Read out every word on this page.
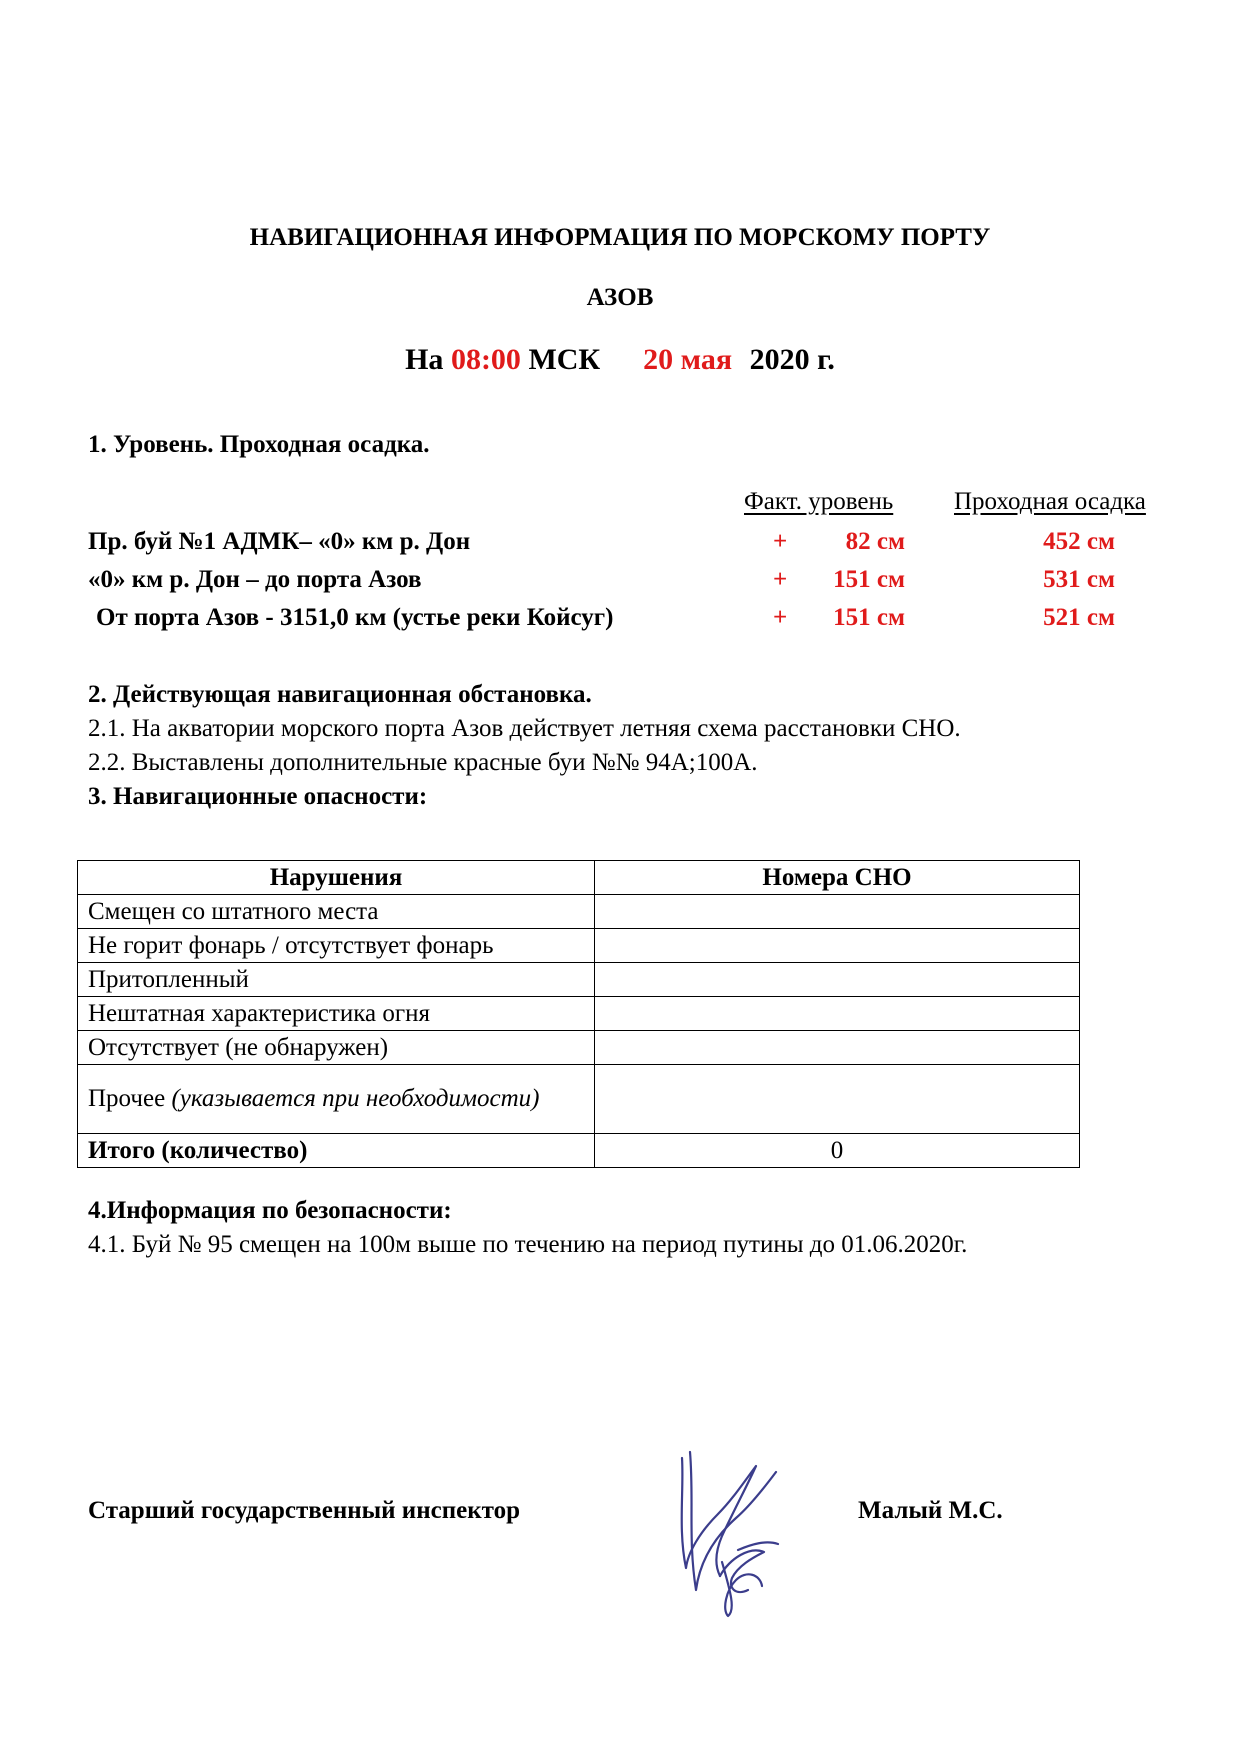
НАВИГАЦИОННАЯ ИНФОРМАЦИЯ ПО МОРСКОМУ ПОРТУ
АЗОВ
На 08:00 МСК 20 мая 2020 г.
1. Уровень. Проходная осадка.
Факт. уровень Проходная осадка
Пр. буй №1 АДМК– «0» км р. Дон	+	82 см	452 см
«0» км р. Дон – до порта Азов	+	151 см	531 см
От порта Азов - 3151,0 км (устье реки Койсуг)	+	151 см	521 см
2. Действующая навигационная обстановка.
2.1. На акватории морского порта Азов действует летняя схема расстановки СНО.
2.2. Выставлены дополнительные красные буи №№ 94А;100А.
3. Навигационные опасности:
Нарушения	Номера СНО
Смещен со штатного места	
Не горит фонарь / отсутствует фонарь	
Притопленный	
Нештатная характеристика огня	
Отсутствует (не обнаружен)	
Прочее (указывается при необходимости)	
Итого (количество)	0
4.Информация по безопасности:
4.1. Буй № 95 смещен на 100м выше по течению на период путины до 01.06.2020г.
Старший государственный инспектор	Малый М.С.
